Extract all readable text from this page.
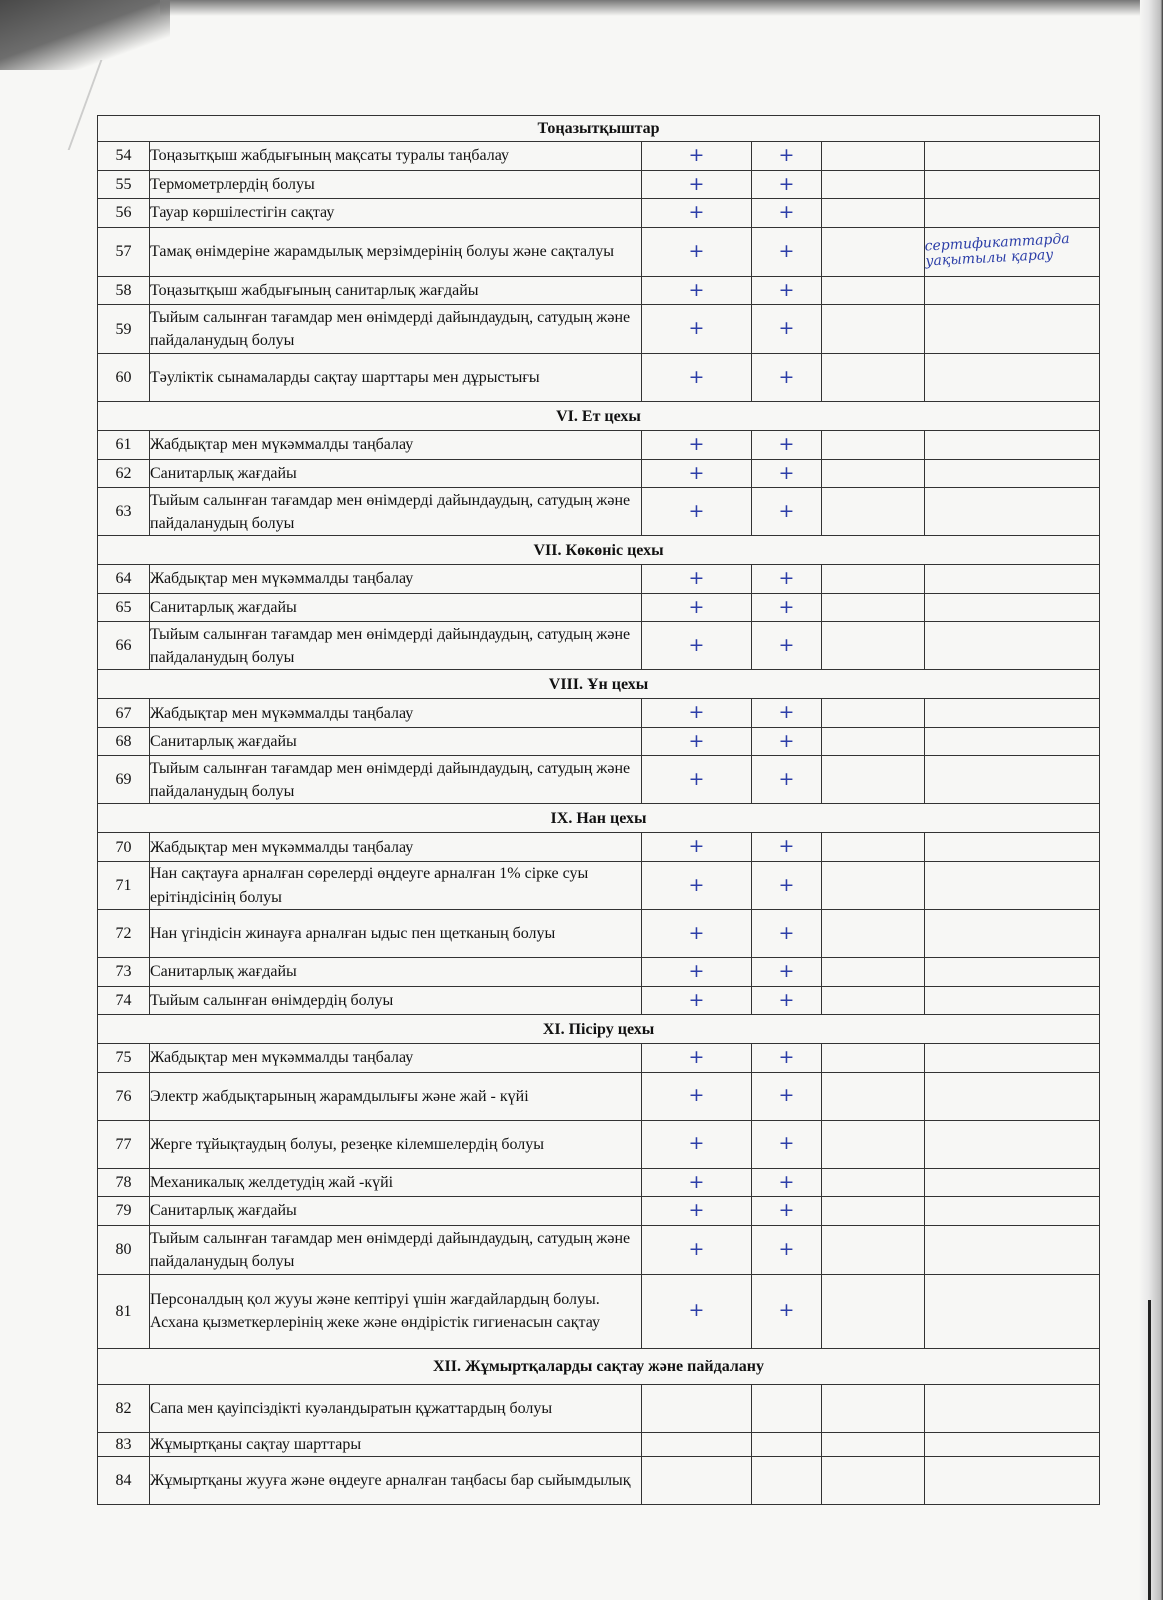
Тоңазытқыштар					
54	Тоңазытқыш жабдығының мақсаты туралы таңбалау	+	+		
55	Термометрлердің болуы	+	+		
56	Тауар көршілестігін сақтау	+	+		
57	Тамақ өнімдеріне жарамдылық мерзімдерінің болуы және сақталуы	+	+		сертификаттарда уақытылы қарау

58	Тоңазытқыш жабдығының санитарлық жағдайы	+	+		
59	Тыйым салынған тағамдар мен өнімдерді дайындаудың, сатудың және пайдаланудың болуы	+	+		
60	Тәуліктік сынамаларды сақтау шарттары мен дұрыстығы	+	+		
VI. Ет цехы					
61	Жабдықтар мен мүкәммалды таңбалау	+	+		
62	Санитарлық жағдайы	+	+		
63	Тыйым салынған тағамдар мен өнімдерді дайындаудың, сатудың және пайдаланудың болуы	+	+		
VII. Көкөніс цехы					
64	Жабдықтар мен мүкәммалды таңбалау	+	+		
65	Санитарлық жағдайы	+	+		
66	Тыйым салынған тағамдар мен өнімдерді дайындаудың, сатудың және пайдаланудың болуы	+	+		
VIII. Ұн цехы					
67	Жабдықтар мен мүкәммалды таңбалау	+	+		
68	Санитарлық жағдайы	+	+		
69	Тыйым салынған тағамдар мен өнімдерді дайындаудың, сатудың және пайдаланудың болуы	+	+		
IX. Нан цехы					
70	Жабдықтар мен мүкәммалды таңбалау	+	+		
71	Нан сақтауға арналған сөрелерді өңдеуге арналған 1% сірке суы ерітіндісінің болуы	+	+		
72	Нан үгіндісін жинауға арналған ыдыс пен щетканың болуы	+	+		
73	Санитарлық жағдайы	+	+		
74	Тыйым салынған өнімдердің болуы	+	+		
XI. Пісіру цехы					
75	Жабдықтар мен мүкәммалды таңбалау	+	+		
76	Электр жабдықтарының жарамдылығы және жай - күйі	+	+		
77	Жерге тұйықтаудың болуы, резеңке кілемшелердің болуы	+	+		
78	Механикалық желдетудің жай -күйі	+	+		
79	Санитарлық жағдайы	+	+		
80	Тыйым салынған тағамдар мен өнімдерді дайындаудың, сатудың және пайдаланудың болуы	+	+		
81	Персоналдың қол жууы және кептіруі үшін жағдайлардың болуы. Асхана қызметкерлерінің жеке және өндірістік гигиенасын сақтау	+	+		
XII. Жұмыртқаларды сақтау және пайдалану					
82	Сапа мен қауіпсіздікті куәландыратын құжаттардың болуы				
83	Жұмыртқаны сақтау шарттары				
84	Жұмыртқаны жууға және өңдеуге арналған таңбасы бар сыйымдылық				
